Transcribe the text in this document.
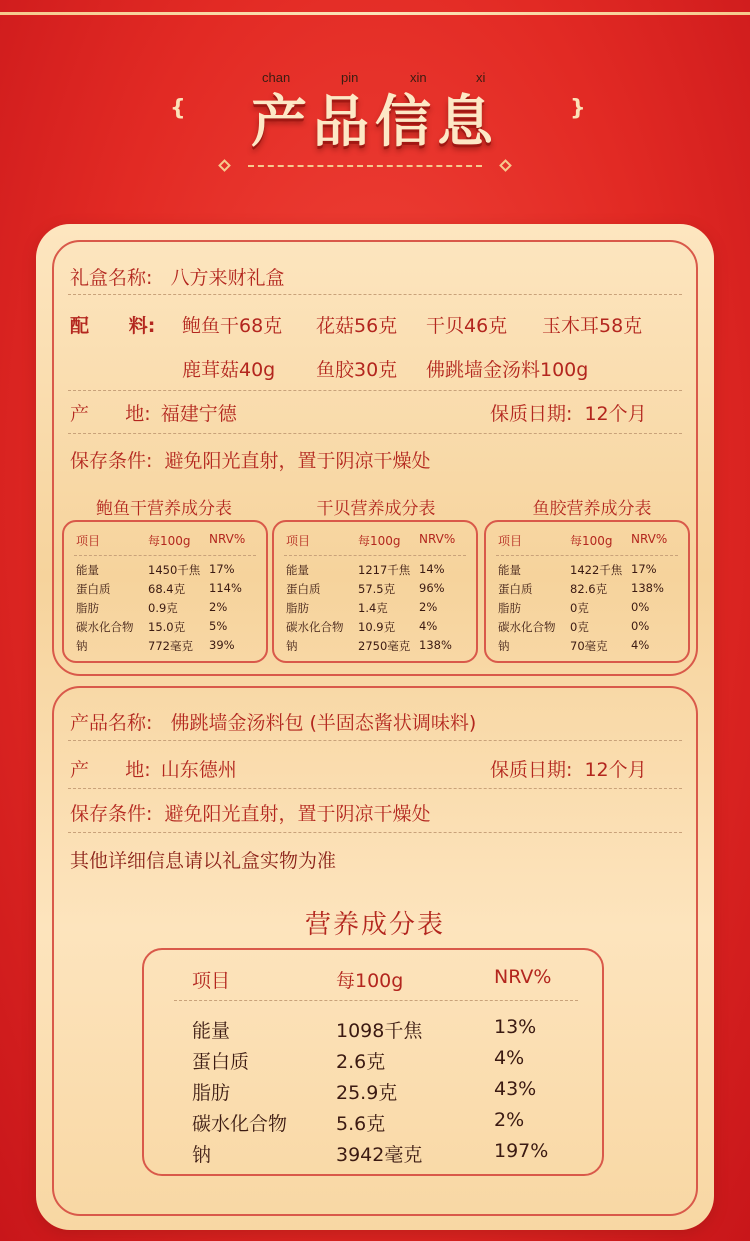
chan	pin	xin	xi
{	}
产品信息
礼盒名称: 八方来财礼盒
配      料: 鲍鱼干68克 花菇56克 干贝46克 玉木耳58克
鹿茸菇40g 鱼胶30克 佛跳墙金汤料100g
产      地: 福建宁德	保质日期: 12个月
保存条件: 避免阳光直射，置于阴凉干燥处
鲍鱼干营养成分表	干贝营养成分表	鱼胶营养成分表
项目	每100g NRV%
能量	1450千焦 17%
蛋白质	68.4克 114%
脂肪	0.9克	2%
碳水化合物 15.0克 5%
钠	772毫克 39%
项目	每100g NRV%
能量	1217千焦 14%
蛋白质	57.5克 96%
脂肪	1.4克	2%
碳水化合物 10.9克 4%
钠	2750毫克 138%
项目	每100g NRV%
能量	1422千焦 17%
蛋白质	82.6克 138%
脂肪	0克	0%
碳水化合物 0克	0%
钠	70毫克 4%
产品名称: 佛跳墙金汤料包 (半固态酱状调味料)
产      地: 山东德州	保质日期: 12个月
保存条件: 避免阳光直射，置于阴凉干燥处
其他详细信息请以礼盒实物为准
营养成分表
项目	每100g	NRV%
能量	1098千焦	13%
蛋白质	2.6克	4%
脂肪	25.9克	43%
碳水化合物	5.6克	2%
钠	3942毫克	197%
